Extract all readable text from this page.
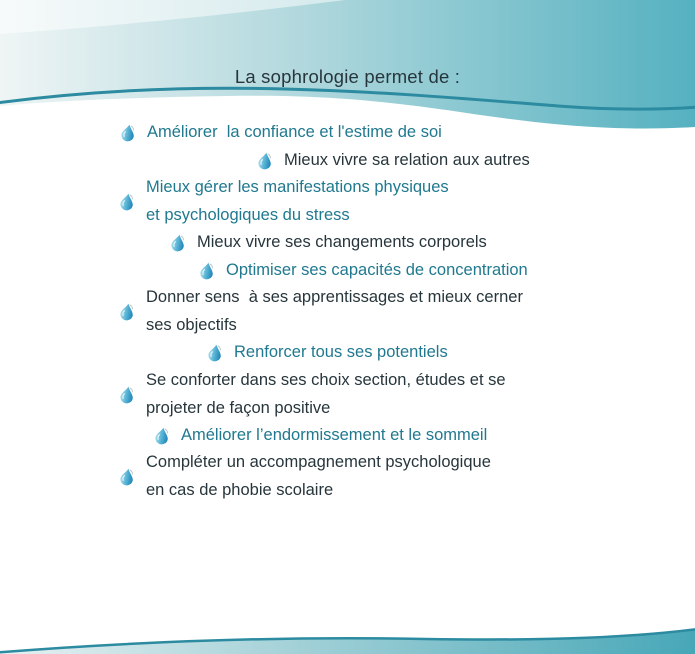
La sophrologie permet de :
Améliorer  la confiance et l'estime de soi
Mieux vivre sa relation aux autres
Mieux gérer les manifestations physiques
et psychologiques du stress
Mieux vivre ses changements corporels
Optimiser ses capacités de concentration
Donner sens  à ses apprentissages et mieux cerner
ses objectifs
Renforcer tous ses potentiels
Se conforter dans ses choix section, études et se
projeter de façon positive
Améliorer l’endormissement et le sommeil
Compléter un accompagnement psychologique
en cas de phobie scolaire
